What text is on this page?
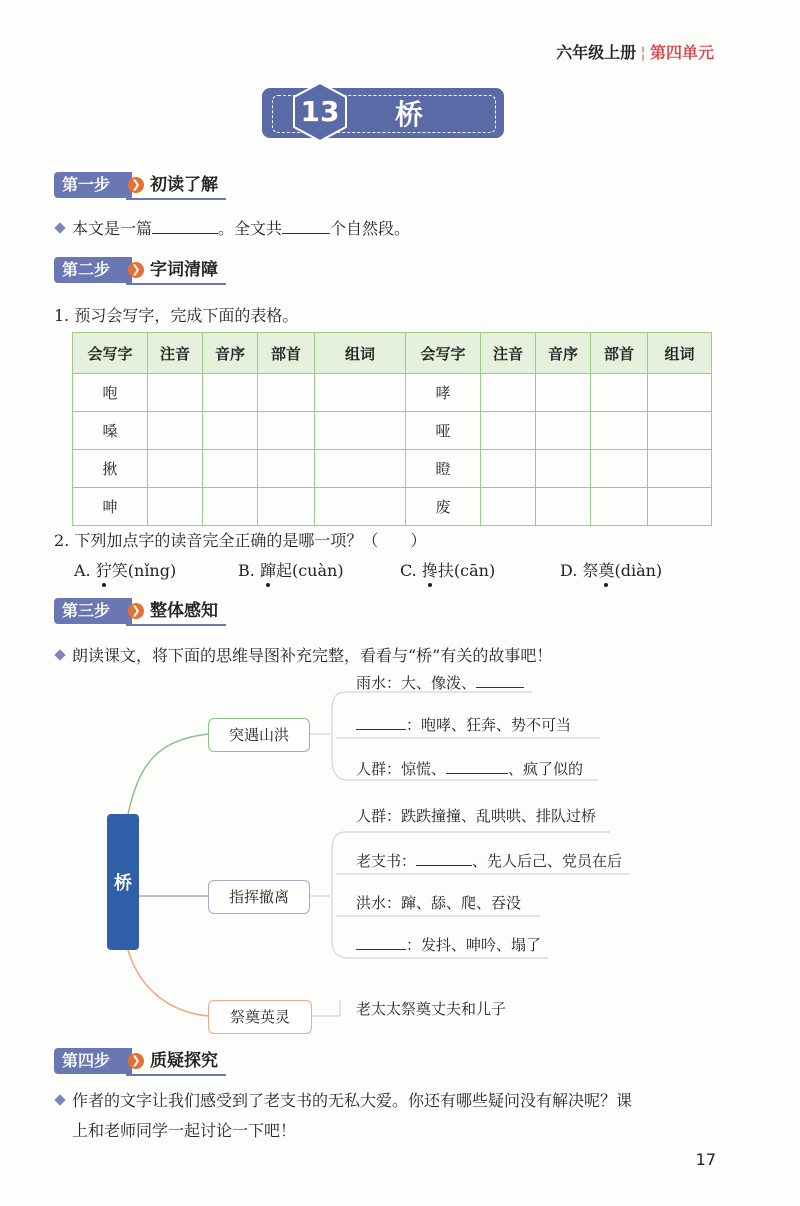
六年级上册 ¦ 第四单元
13	桥
第一步	❯ 初读了解
本文是一篇	。全文共	个自然段。
第二步	❯ 字词清障
1. 预习会写字，完成下面的表格。
会写字	注音	音序	部首	组词	会写字	注音	音序	部首	组词
咆					哮				
嗓					哑				
揪					瞪				
呻					废				
2. 下列加点字的读音完全正确的是哪一项？（　　）
A. 狞笑(nǐng)	B. 蹿起(cuàn)	C. 搀扶(cān)	D. 祭奠(diàn)
第三步	❯ 整体感知
朗读课文，将下面的思维导图补充完整，看看与“桥”有关的故事吧！
桥
突遇山洪
指挥撤离
祭奠英灵
雨水：大、像泼、
：咆哮、狂奔、势不可当
人群：惊慌、	、疯了似的
人群：跌跌撞撞、乱哄哄、排队过桥
老支书：	、先人后己、党员在后
洪水：蹿、舔、爬、吞没
：发抖、呻吟、塌了
老太太祭奠丈夫和儿子
第四步	❯ 质疑探究
作者的文字让我们感受到了老支书的无私大爱。你还有哪些疑问没有解决呢？课
上和老师同学一起讨论一下吧！
17
